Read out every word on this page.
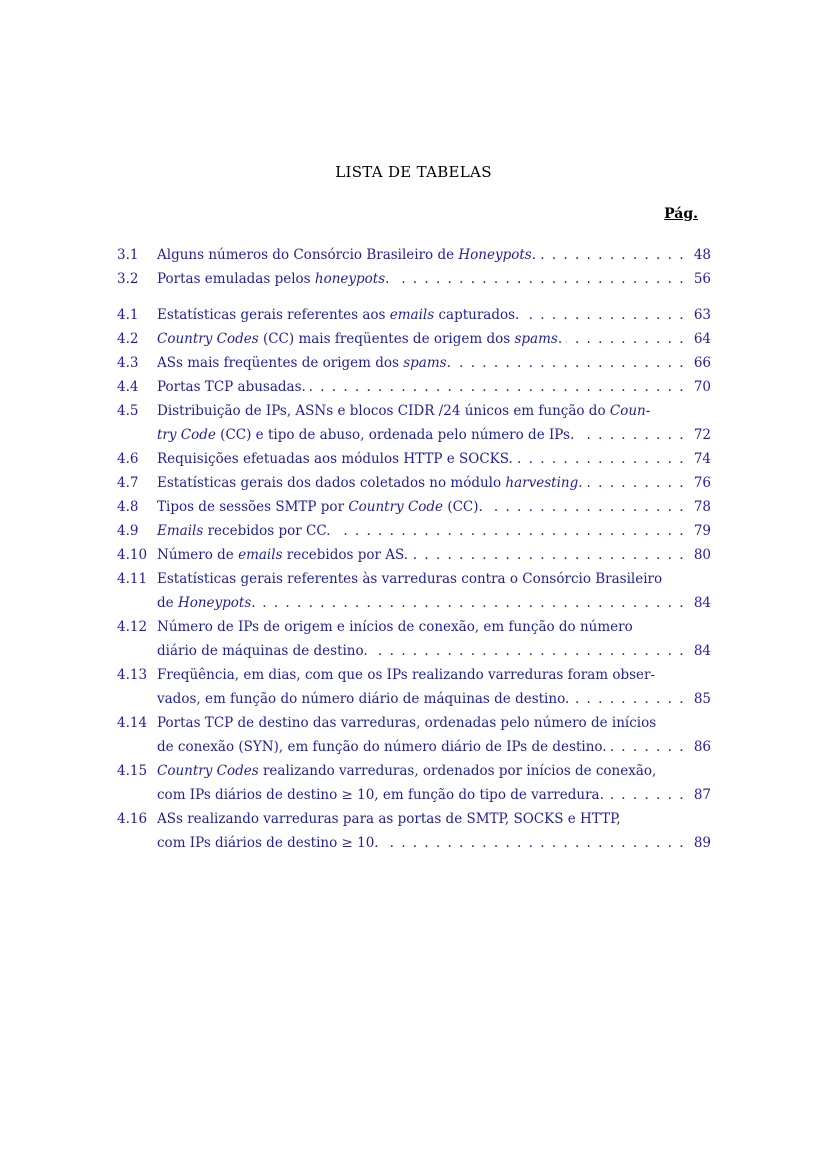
LISTA DE TABELAS
Pág.
3.1	Alguns números do Consórcio Brasileiro de Honeypots. . . .	48
3.2	Portas emuladas pelos honeypots. . . .	56
4.1	Estatísticas gerais referentes aos emails capturados. . . .	63
4.2	Country Codes (CC) mais freqüentes de origem dos spams. . . .	64
4.3	ASs mais freqüentes de origem dos spams. . . .	66
4.4	Portas TCP abusadas. . . .	70
4.5	Distribuição de IPs, ASNs e blocos CIDR /24 únicos em função do Coun-
try Code (CC) e tipo de abuso, ordenada pelo número de IPs. . . .	72
4.6	Requisições efetuadas aos módulos HTTP e SOCKS. . . .	74
4.7	Estatísticas gerais dos dados coletados no módulo harvesting. . . .	76
4.8	Tipos de sessões SMTP por Country Code (CC). . . .	78
4.9	Emails recebidos por CC. . . .	79
4.10 Número de emails recebidos por AS. . . .	80
4.11 Estatísticas gerais referentes às varreduras contra o Consórcio Brasileiro
de Honeypots. . . .	84
4.12 Número de IPs de origem e inícios de conexão, em função do número
diário de máquinas de destino. . . .	84
4.13 Freqüência, em dias, com que os IPs realizando varreduras foram obser-
vados, em função do número diário de máquinas de destino. . . .	85
4.14 Portas TCP de destino das varreduras, ordenadas pelo número de inícios
de conexão (SYN), em função do número diário de IPs de destino. . . .	86
4.15 Country Codes realizando varreduras, ordenados por inícios de conexão,
com IPs diários de destino ≥ 10, em função do tipo de varredura. . . .	87
4.16 ASs realizando varreduras para as portas de SMTP, SOCKS e HTTP,
com IPs diários de destino ≥ 10. . . .	89
